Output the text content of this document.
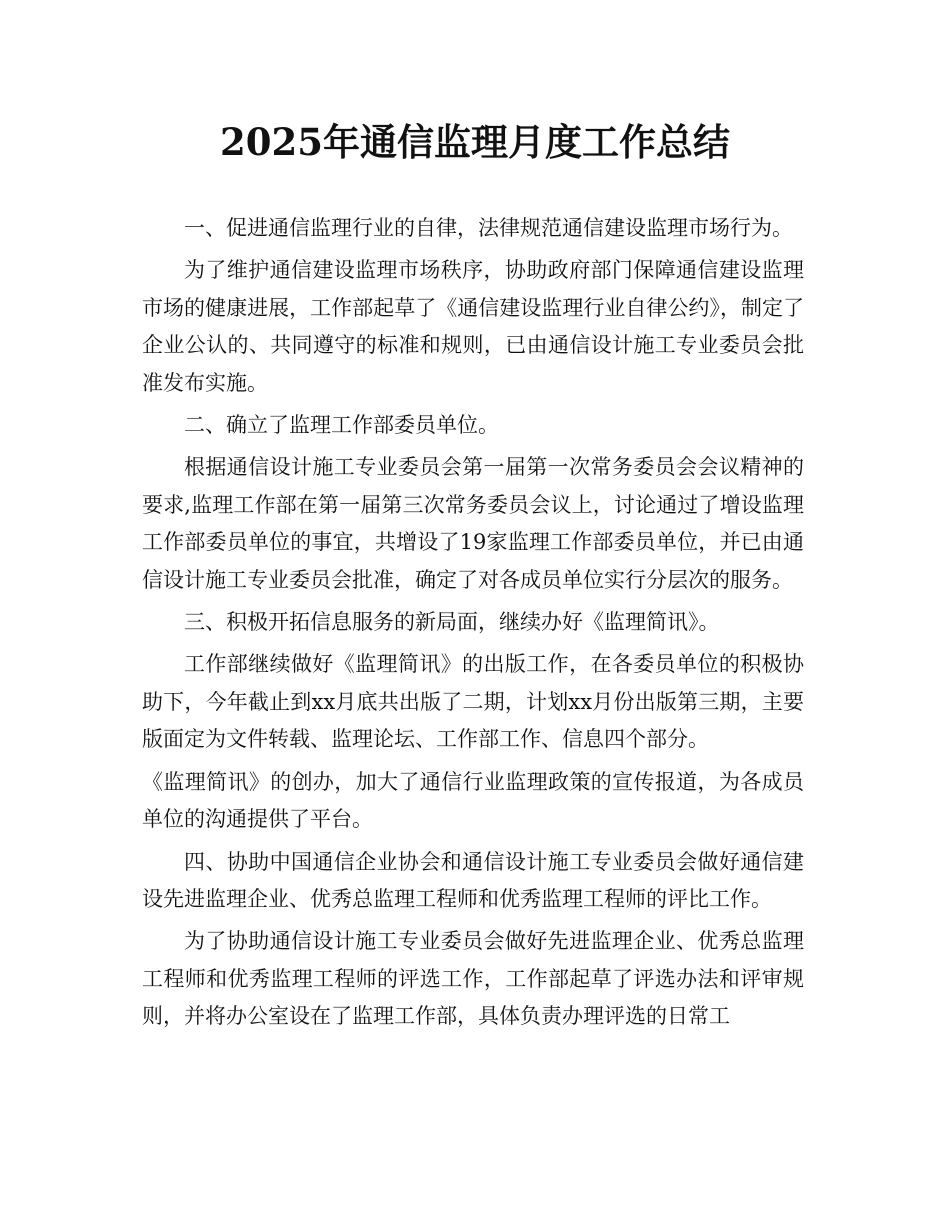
2025年通信监理月度工作总结

一、促进通信监理行业的自律，法律规范通信建设监理市场行为。

为了维护通信建设监理市场秩序，协助政府部门保障通信建设监理市场的健康进展，工作部起草了《通信建设监理行业自律公约》，制定了企业公认的、共同遵守的标准和规则，已由通信设计施工专业委员会批准发布实施。

二、确立了监理工作部委员单位。

根据通信设计施工专业委员会第一届第一次常务委员会会议精神的要求,监理工作部在第一届第三次常务委员会议上，讨论通过了增设监理工作部委员单位的事宜，共增设了19家监理工作部委员单位，并已由通信设计施工专业委员会批准，确定了对各成员单位实行分层次的服务。

三、积极开拓信息服务的新局面，继续办好《监理简讯》。

工作部继续做好《监理简讯》的出版工作，在各委员单位的积极协助下，今年截止到xx月底共出版了二期，计划xx月份出版第三期，主要版面定为文件转载、监理论坛、工作部工作、信息四个部分。

《监理简讯》的创办，加大了通信行业监理政策的宣传报道，为各成员单位的沟通提供了平台。

四、协助中国通信企业协会和通信设计施工专业委员会做好通信建设先进监理企业、优秀总监理工程师和优秀监理工程师的评比工作。

为了协助通信设计施工专业委员会做好先进监理企业、优秀总监理工程师和优秀监理工程师的评选工作，工作部起草了评选办法和评审规则，并将办公室设在了监理工作部，具体负责办理评选的日常工
